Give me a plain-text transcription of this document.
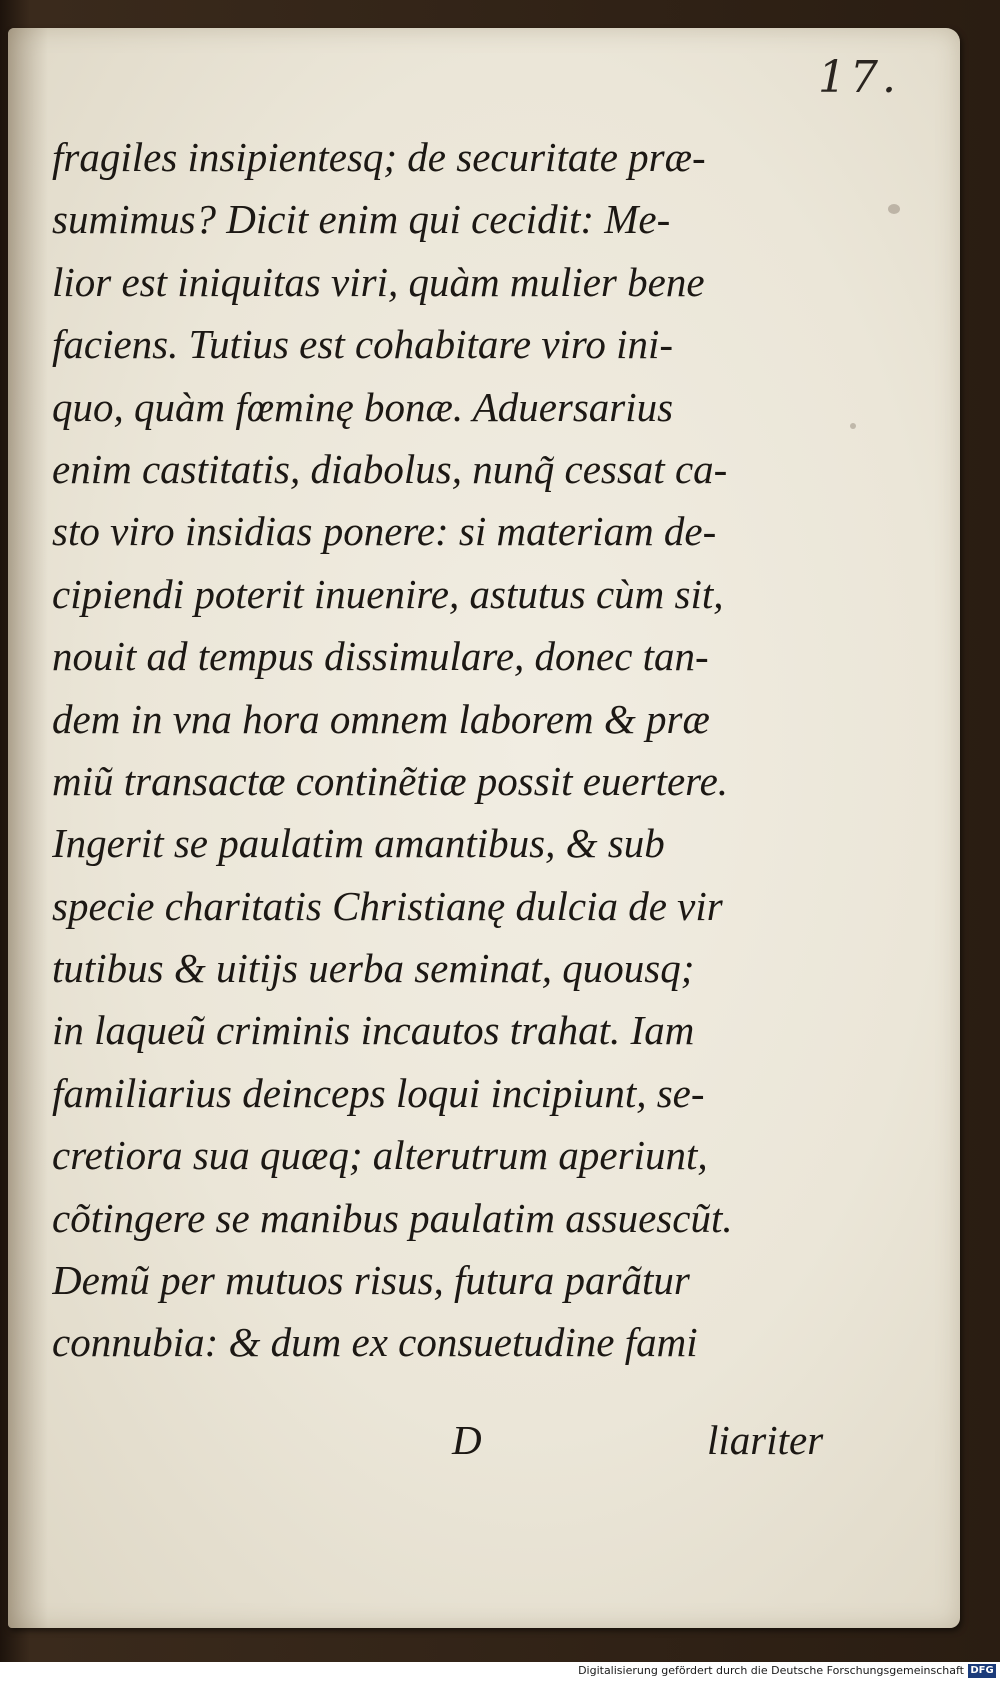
17.
fragiles insipientesq; de securitate præ-
sumimus? Dicit enim qui cecidit: Me-
lior est iniquitas viri, quàm mulier bene
faciens. Tutius est cohabitare viro ini-
quo, quàm fœminę bonæ. Aduersarius
enim castitatis, diabolus, nunq̃ cessat ca-
sto viro insidias ponere: si materiam de-
cipiendi poterit inuenire, astutus cùm sit,
nouit ad tempus dissimulare, donec tan-
dem in vna hora omnem laborem & præ
miũ transactæ continẽtiæ possit euertere.
Ingerit se paulatim amantibus, & sub
specie charitatis Christianę dulcia de vir
tutibus & uitijs uerba seminat, quousq;
in laqueũ criminis incautos trahat. Iam
familiarius deinceps loqui incipiunt, se-
cretiora sua quæq; alterutrum aperiunt,
cõtingere se manibus paulatim assuescũt.
Demũ per mutuos risus, futura parãtur
connubia: & dum ex consuetudine fami
D	liariter
Digitalisierung gefördert durch die Deutsche Forschungsgemeinschaft DFG
